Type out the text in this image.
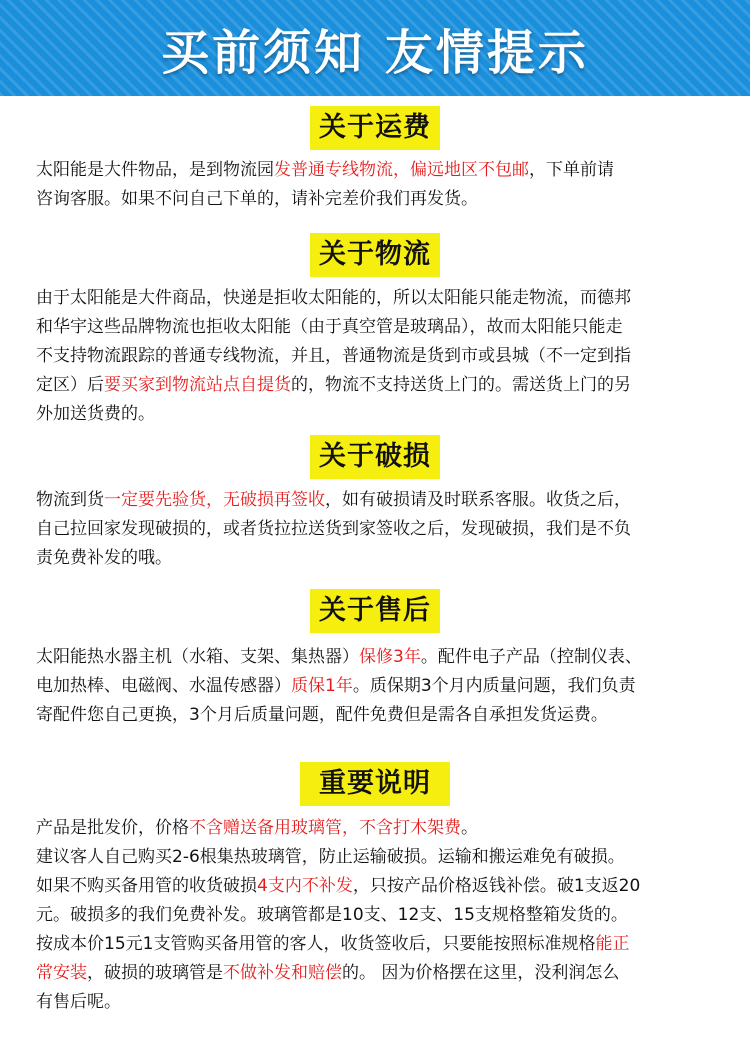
买前须知 友情提示
关于运费
太阳能是大件物品，是到物流园发普通专线物流，偏远地区不包邮，下单前请
咨询客服。如果不问自己下单的，请补完差价我们再发货。
关于物流
由于太阳能是大件商品，快递是拒收太阳能的，所以太阳能只能走物流，而德邦
和华宇这些品牌物流也拒收太阳能（由于真空管是玻璃品），故而太阳能只能走
不支持物流跟踪的普通专线物流，并且，普通物流是货到市或县城（不一定到指
定区）后要买家到物流站点自提货的，物流不支持送货上门的。需送货上门的另
外加送货费的。
关于破损
物流到货一定要先验货，无破损再签收，如有破损请及时联系客服。收货之后，
自己拉回家发现破损的，或者货拉拉送货到家签收之后，发现破损，我们是不负
责免费补发的哦。
关于售后
太阳能热水器主机（水箱、支架、集热器）保修3年。配件电子产品（控制仪表、
电加热棒、电磁阀、水温传感器）质保1年。质保期3个月内质量问题，我们负责
寄配件您自己更换，3个月后质量问题，配件免费但是需各自承担发货运费。
重要说明
产品是批发价，价格不含赠送备用玻璃管，不含打木架费。
建议客人自己购买2-6根集热玻璃管，防止运输破损。运输和搬运难免有破损。
如果不购买备用管的收货破损4支内不补发，只按产品价格返钱补偿。破1支返20
元。破损多的我们免费补发。玻璃管都是10支、12支、15支规格整箱发货的。
按成本价15元1支管购买备用管的客人，收货签收后，只要能按照标准规格能正
常安装，破损的玻璃管是不做补发和赔偿的。 因为价格摆在这里，没利润怎么
有售后呢。
